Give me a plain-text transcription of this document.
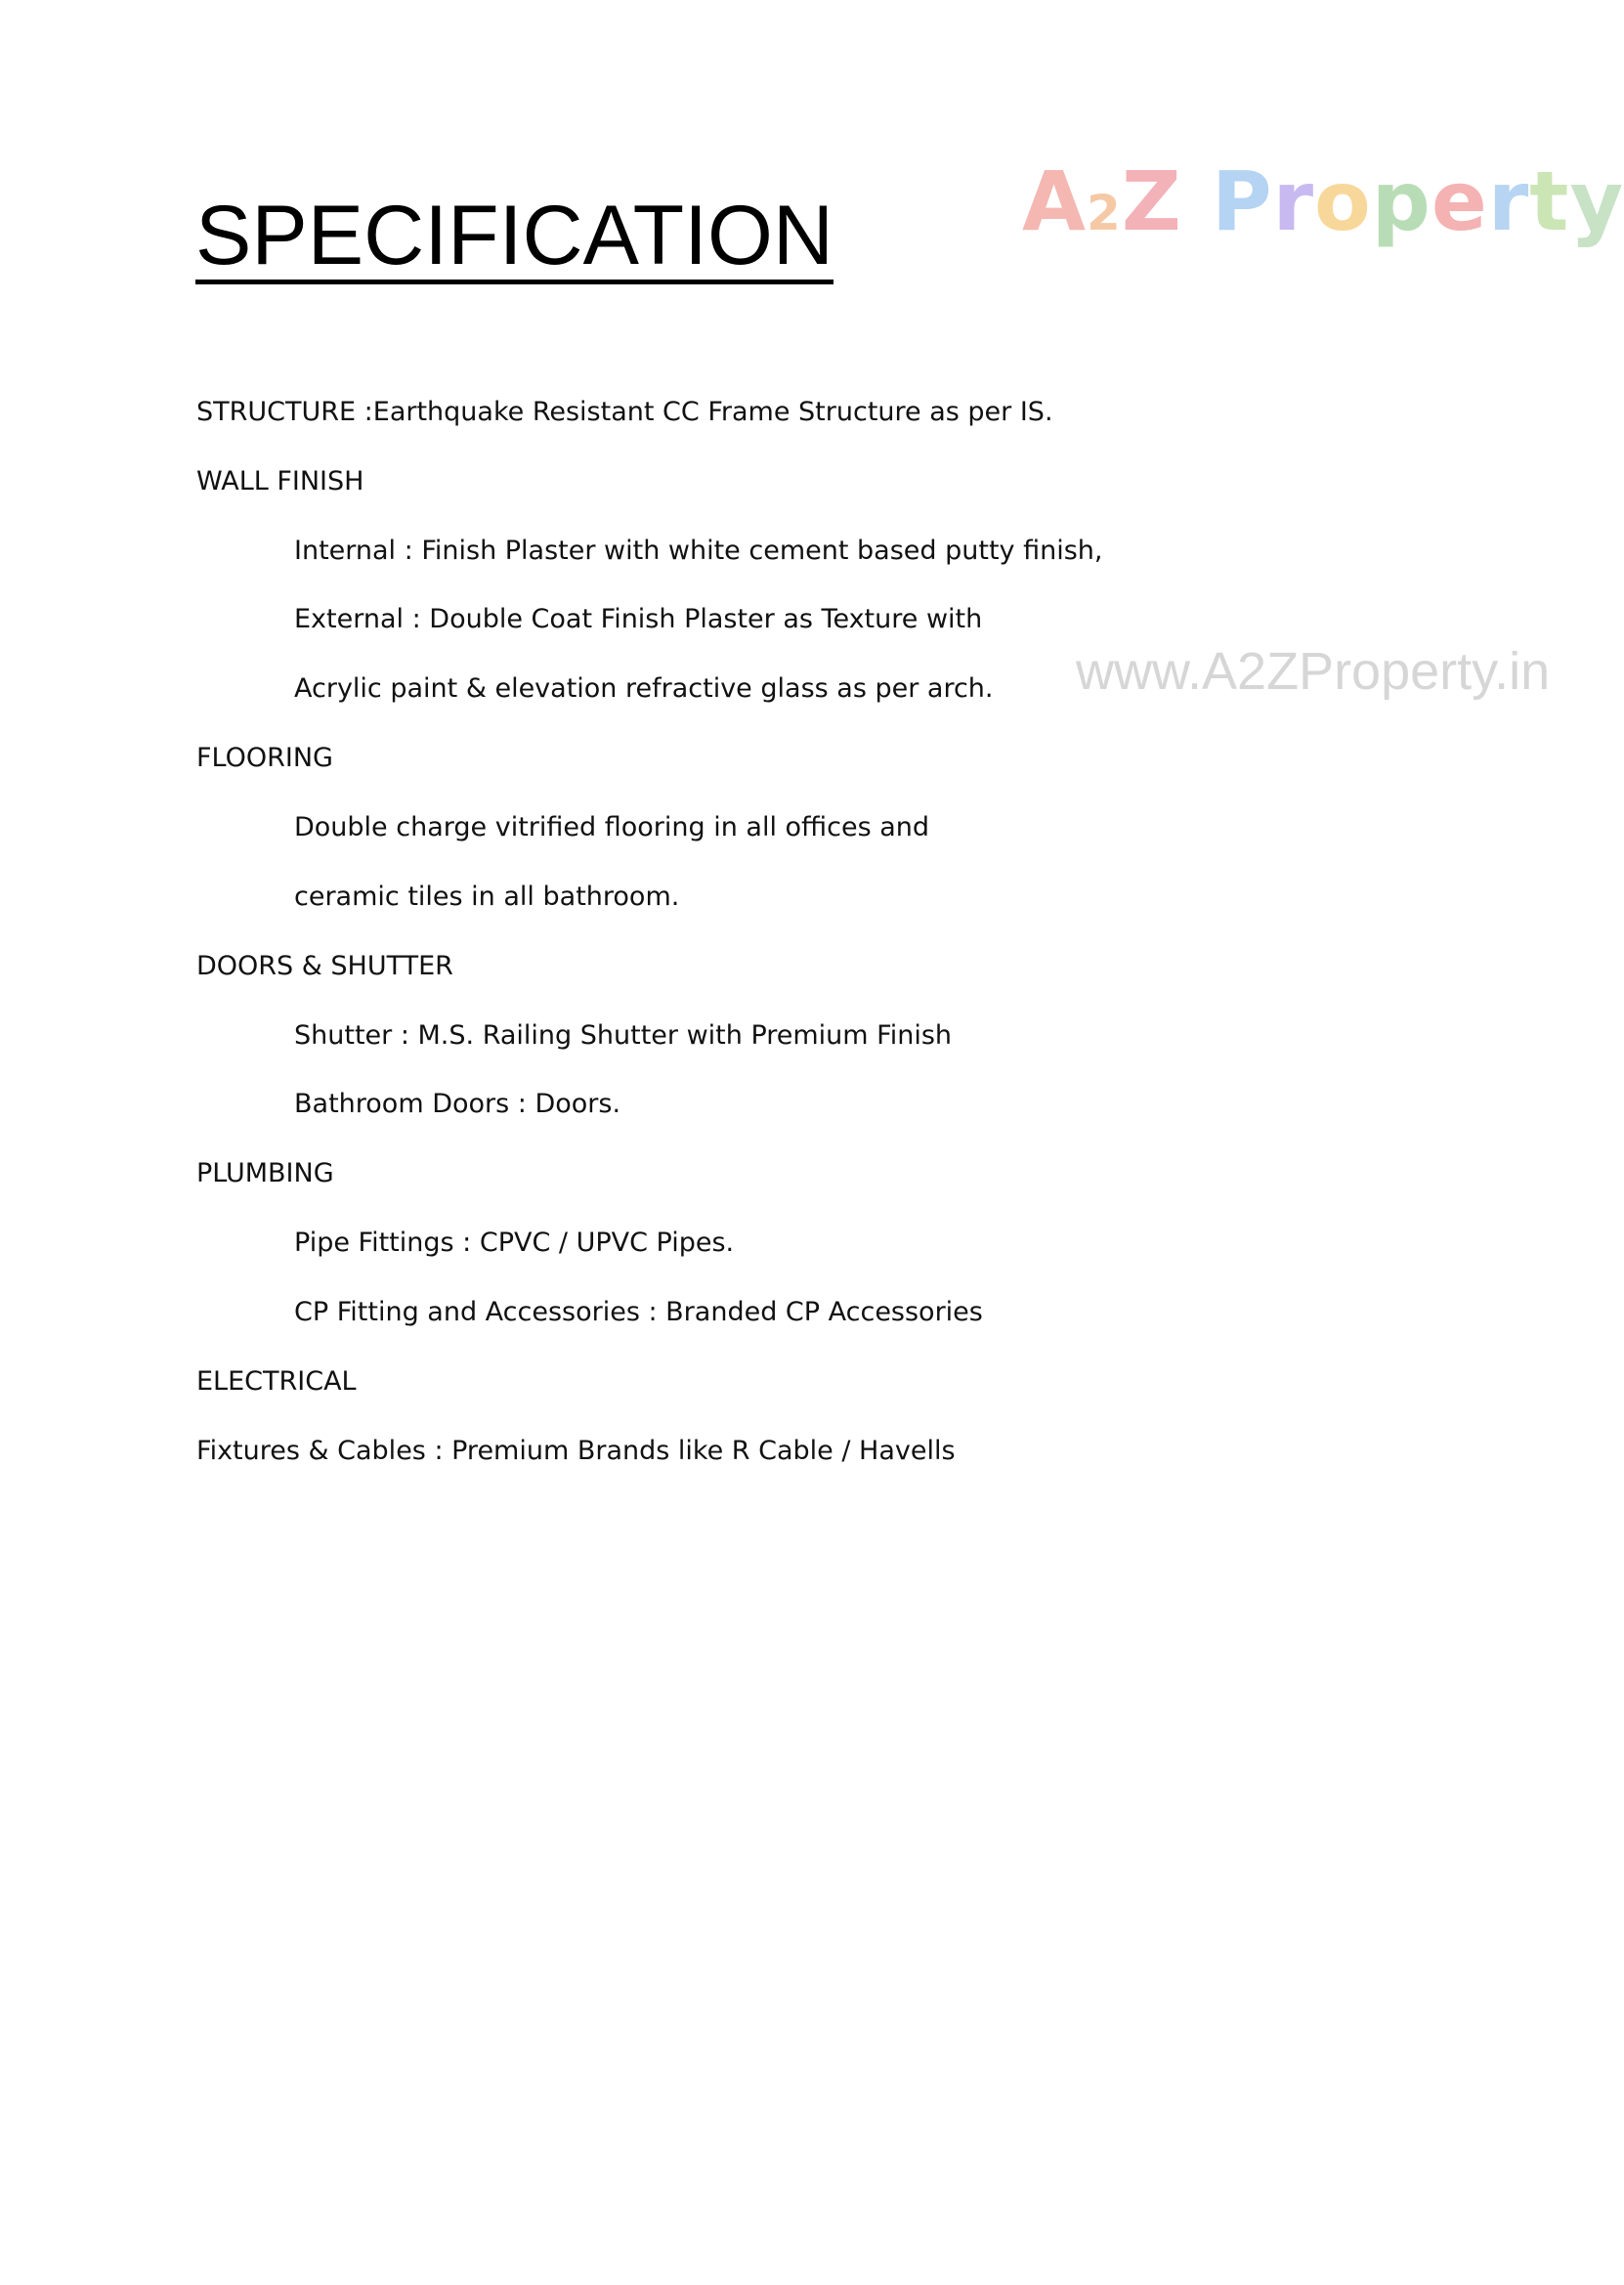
SPECIFICATION A2Z Property
www.A2ZProperty.in
STRUCTURE :Earthquake Resistant CC Frame Structure as per IS.
WALL FINISH
Internal : Finish Plaster with white cement based putty finish,
External : Double Coat Finish Plaster as Texture with
Acrylic paint & elevation refractive glass as per arch.
FLOORING
Double charge vitrified flooring in all offices and
ceramic tiles in all bathroom.
DOORS & SHUTTER
Shutter : M.S. Railing Shutter with Premium Finish
Bathroom Doors : Doors.
PLUMBING
Pipe Fittings : CPVC / UPVC Pipes.
CP Fitting and Accessories : Branded CP Accessories
ELECTRICAL
Fixtures & Cables : Premium Brands like R Cable / Havells
